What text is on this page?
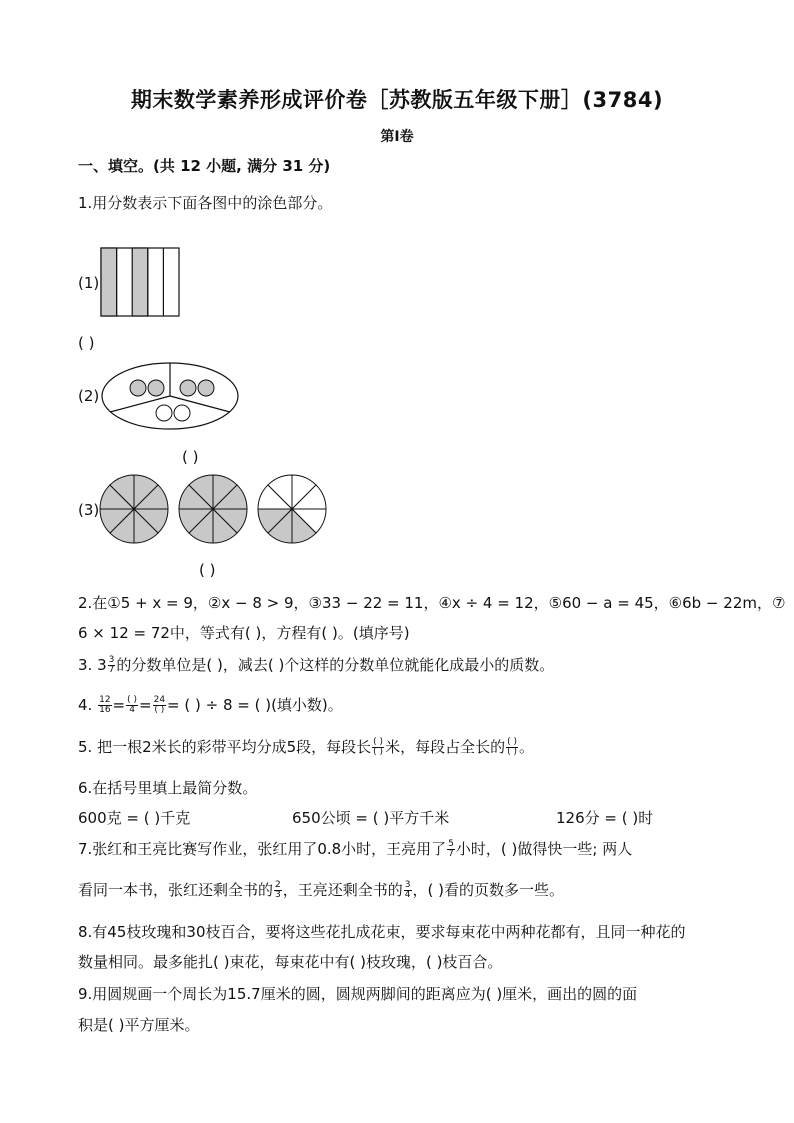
期末数学素养形成评价卷［苏教版五年级下册］(3784)
第Ⅰ卷
一、填空。(共 12 小题, 满分 31 分)
1.用分数表示下面各图中的涂色部分。
(1)
( )
(2)
( )
(3)
( )
2.在①5 + x = 9，②x − 8 > 9，③33 − 22 = 11，④x ÷ 4 = 12，⑤60 − a = 45，⑥6b − 22m，⑦
6 × 12 = 72中，等式有( )，方程有( )。(填序号)
3. $3 \frac{3}{7}$ 的分数单位是( )，减去( )个这样的分数单位就能化成最小的质数。
4. $\frac{12}{16} = \frac{( )}{4} = \frac{24}{( )}$ = ( ) ÷ 8 = ( )(填小数)。
5. 把一根2米长的彩带平均分成5段，每段长 $\frac{( )}{( )}$ 米，每段占全长的 $\frac{( )}{( )}$ 。
6.在括号里填上最简分数。
600克 = ( )千克	650公顷 = ( )平方千米	126分 = ( )时
7.张红和王亮比赛写作业，张红用了0.8小时，王亮用了 $\frac{5}{7}$ 小时，( )做得快一些; 两人
看同一本书，张红还剩全书的 $\frac{2}{3}$ ，王亮还剩全书的 $\frac{3}{4}$ ，( )看的页数多一些。
8.有45枝玫瑰和30枝百合，要将这些花扎成花束，要求每束花中两种花都有，且同一种花的
数量相同。最多能扎( )束花，每束花中有( )枝玫瑰，( )枝百合。
9.用圆规画一个周长为15.7厘米的圆，圆规两脚间的距离应为( )厘米，画出的圆的面
积是( )平方厘米。
